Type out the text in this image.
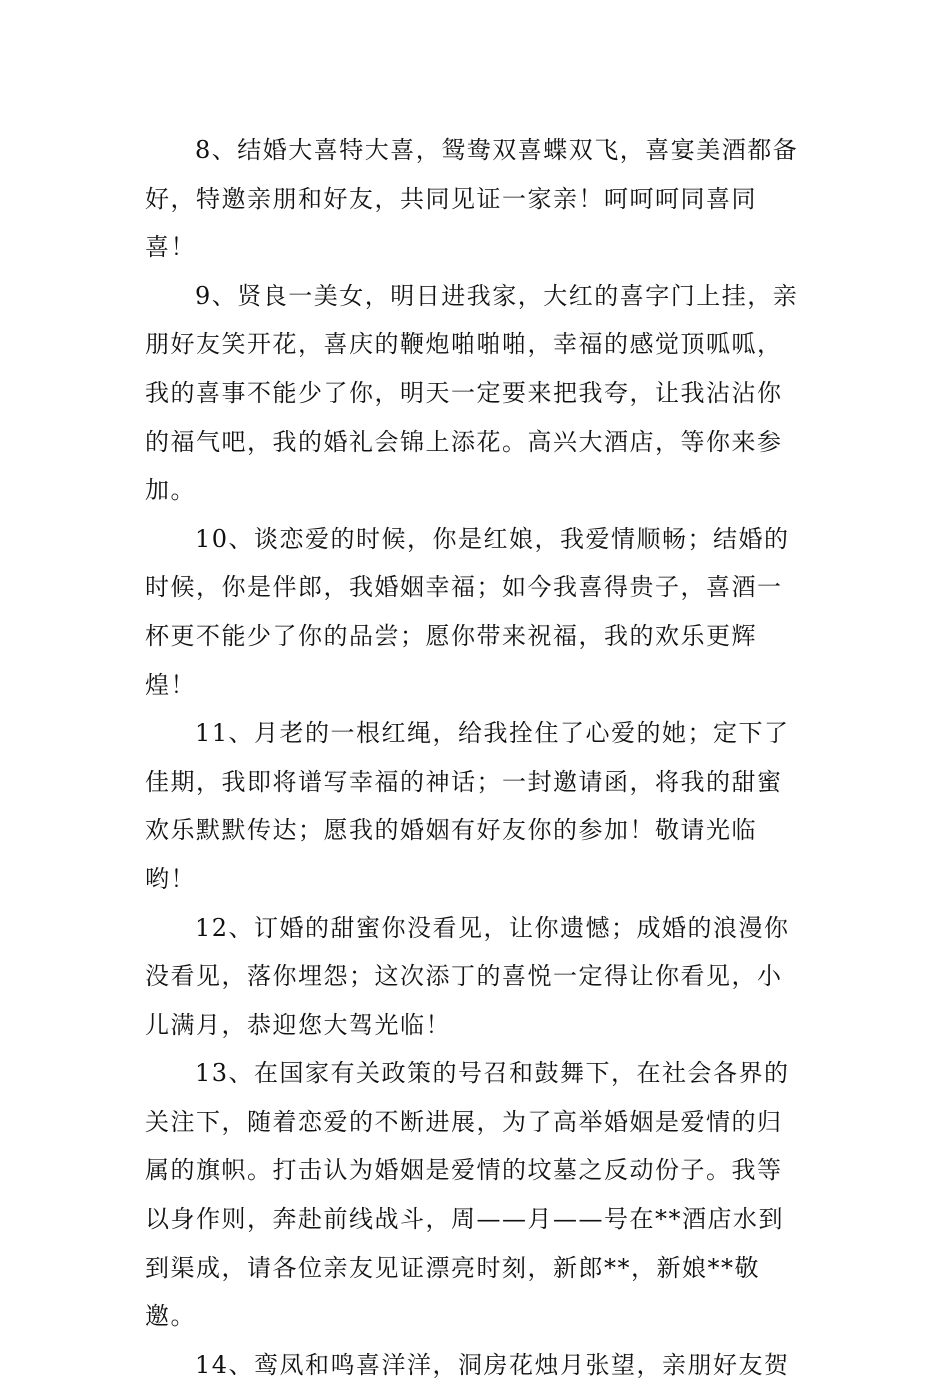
8、结婚大喜特大喜，鸳鸯双喜蝶双飞，喜宴美酒都备好，特邀亲朋和好友，共同见证一家亲！呵呵呵同喜同喜！

9、贤良一美女，明日进我家，大红的喜字门上挂，亲朋好友笑开花，喜庆的鞭炮啪啪啪，幸福的感觉顶呱呱，我的喜事不能少了你，明天一定要来把我夸，让我沾沾你的福气吧，我的婚礼会锦上添花。高兴大酒店，等你来参加。

10、谈恋爱的时候，你是红娘，我爱情顺畅；结婚的时候，你是伴郎，我婚姻幸福；如今我喜得贵子，喜酒一杯更不能少了你的品尝；愿你带来祝福，我的欢乐更辉煌！

11、月老的一根红绳，给我拴住了心爱的她；定下了佳期，我即将谱写幸福的神话；一封邀请函，将我的甜蜜欢乐默默传达；愿我的婚姻有好友你的参加！敬请光临哟！

12、订婚的甜蜜你没看见，让你遗憾；成婚的浪漫你没看见，落你埋怨；这次添丁的喜悦一定得让你看见，小儿满月，恭迎您大驾光临！

13、在国家有关政策的号召和鼓舞下，在社会各界的关注下，随着恋爱的不断进展，为了高举婚姻是爱情的归属的旗帜。打击认为婚姻是爱情的坟墓之反动份子。我等以身作则，奔赴前线战斗，周——月——号在**酒店水到到渠成，请各位亲友见证漂亮时刻，新郎**，新娘**敬邀。

14、鸾凤和鸣喜洋洋，洞房花烛月张望，亲朋好友贺
